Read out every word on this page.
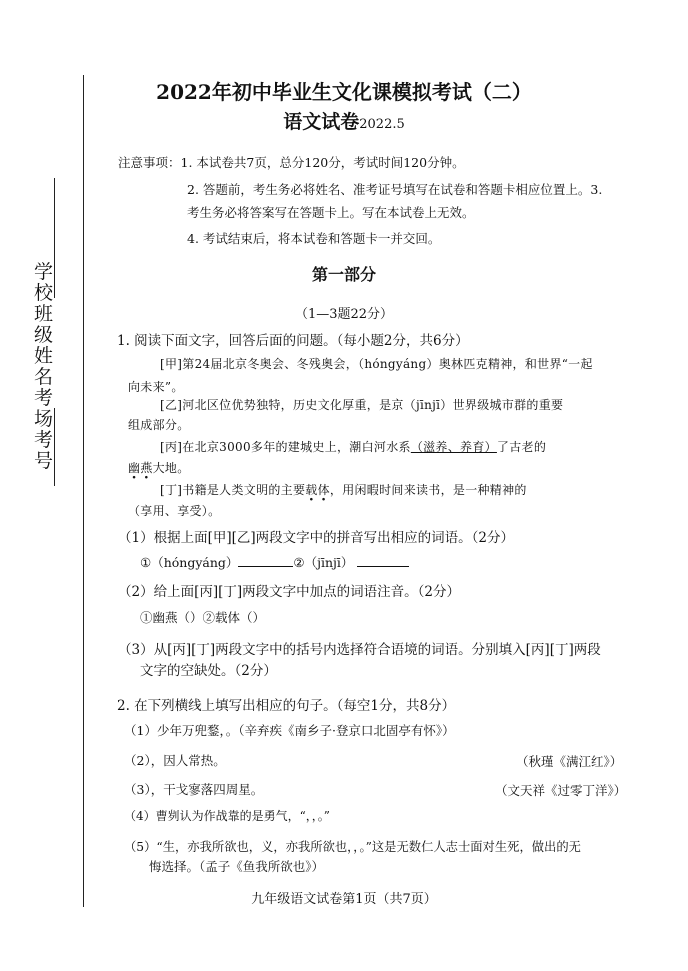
学
校
班
级
姓
名
考
场
考
号
2022年初中毕业生文化课模拟考试（二）
语文试卷2022.5
注意事项：1. 本试卷共7页，总分120分，考试时间120分钟。
2. 答题前，考生务必将姓名、准考证号填写在试卷和答题卡相应位置上。3.
考生务必将答案写在答题卡上。写在本试卷上无效。
4. 考试结束后，将本试卷和答题卡一并交回。
第一部分
（1—3题22分）
1. 阅读下面文字，回答后面的问题。（每小题2分，共6分）
[甲]第24届北京冬奥会、冬残奥会，（hóngyáng）奥林匹克精神，和世界“一起
向未来”。
[乙]河北区位优势独特，历史文化厚重，是京（jīnjī）世界级城市群的重要
组成部分。
[丙]在北京3000多年的建城史上，潮白河水系（滋养、养育）了古老的
幽燕大地。
[丁]书籍是人类文明的主要载体，用闲暇时间来读书，是一种精神的
（享用、享受）。
（1）根据上面[甲][乙]两段文字中的拼音写出相应的词语。（2分）
①（hóngyáng）	②（jīnjī）
（2）给上面[丙][丁]两段文字中加点的词语注音。（2分）
①幽燕（）②载体（）
（3）从[丙][丁]两段文字中的括号内选择符合语境的词语。分别填入[丙][丁]两段
文字的空缺处。（2分）
2. 在下列横线上填写出相应的句子。（每空1分，共8分）
（1）少年万兜鍪，。（辛弃疾《南乡子·登京口北固亭有怀》）
（2），因人常热。	（秋瑾《满江红》）
（3），干戈寥落四周星。	（文天祥《过零丁洋》）
（4）曹刿认为作战靠的是勇气，“，，。”
（5）“生，亦我所欲也，义，亦我所欲也，，。”这是无数仁人志士面对生死，做出的无
悔选择。（孟子《鱼我所欲也》）
九年级语文试卷第1页（共7页）
